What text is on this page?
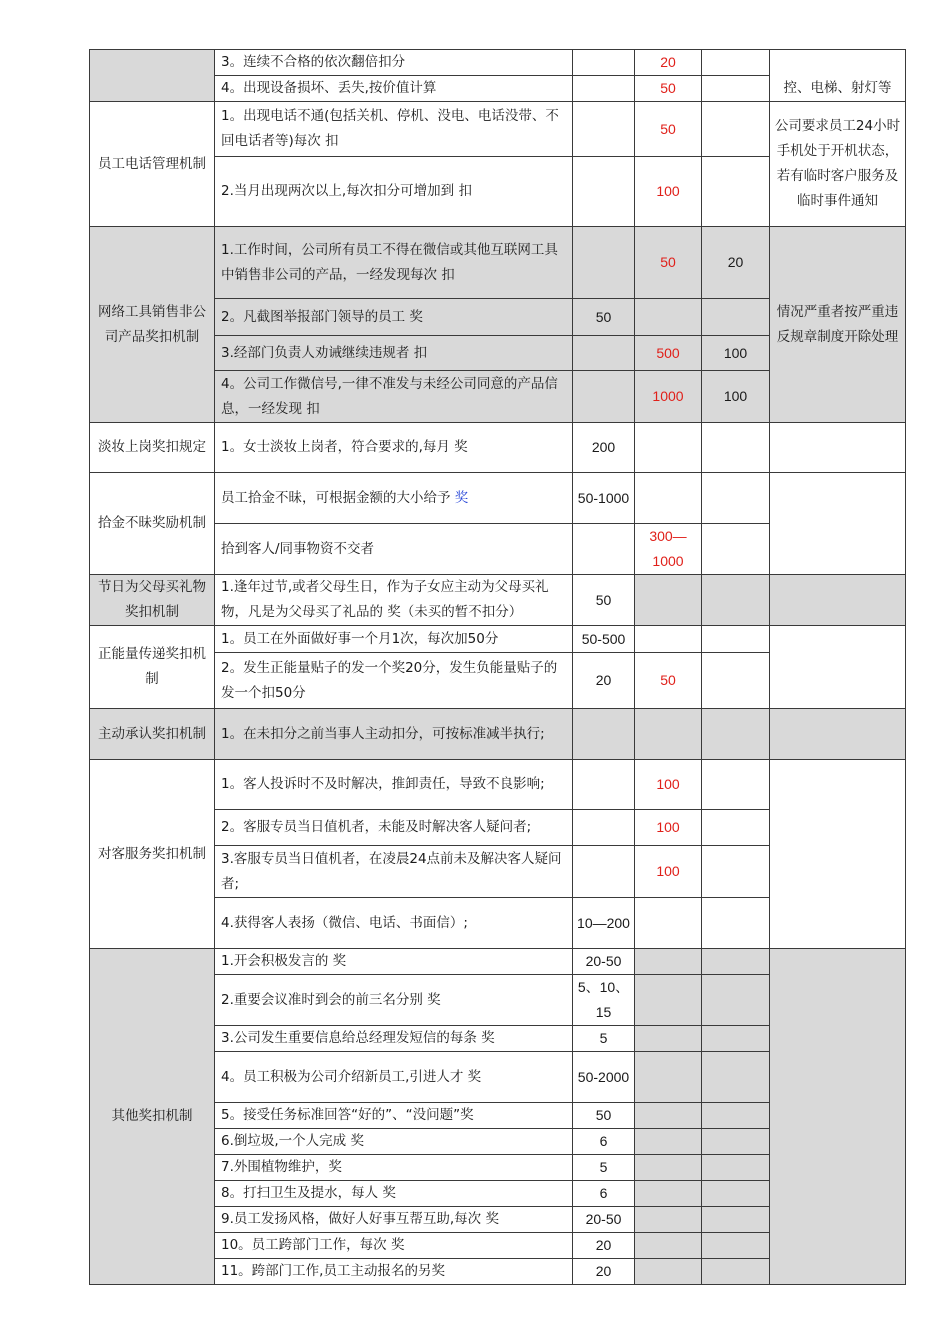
	3。连续不合格的依次翻倍扣分		20		控、电梯、射灯等
	4。出现设备损坏、丢失,按价值计算		50		
员工电话管理机制	1。出现电话不通(包括关机、停机、没电、电话没带、不回电话者等)每次 扣		50		公司要求员工24小时手机处于开机状态，若有临时客户服务及临时事件通知
	2.当月出现两次以上,每次扣分可增加到 扣		100		
网络工具销售非公司产品奖扣机制	1.工作时间，公司所有员工不得在微信或其他互联网工具中销售非公司的产品，一经发现每次 扣		50	20	情况严重者按严重违反规章制度开除处理
	2。凡截图举报部门领导的员工 奖	50			
	3.经部门负责人劝诫继续违规者 扣		500	100	
	4。公司工作微信号,一律不准发与未经公司同意的产品信息，一经发现 扣		1000	100	
淡妆上岗奖扣规定	1。女士淡妆上岗者，符合要求的,每月 奖	200			
拾金不昧奖励机制	员工拾金不昧，可根据金额的大小给予 奖	50-1000			
	拾到客人/同事物资不交者		300—1000		
节日为父母买礼物奖扣机制	1.逢年过节,或者父母生日，作为子女应主动为父母买礼物，凡是为父母买了礼品的 奖（未买的暂不扣分）	50			
正能量传递奖扣机制	1。员工在外面做好事一个月1次，每次加50分	50-500			
	2。发生正能量贴子的发一个奖20分，发生负能量贴子的发一个扣50分	20	50		
主动承认奖扣机制	1。在未扣分之前当事人主动扣分，可按标准减半执行;				
对客服务奖扣机制	1。客人投诉时不及时解决，推卸责任，导致不良影响;		100		
	2。客服专员当日值机者，未能及时解决客人疑问者;		100		
	3.客服专员当日值机者，在凌晨24点前未及解决客人疑问者;		100		
	4.获得客人表扬（微信、电话、书面信）;	10—200			
其他奖扣机制	1.开会积极发言的 奖	20-50			
	2.重要会议准时到会的前三名分别 奖	5、10、15			
	3.公司发生重要信息给总经理发短信的每条 奖	5			
	4。员工积极为公司介绍新员工,引进人才 奖	50-2000			
	5。接受任务标准回答“好的”、“没问题”奖	50			
	6.倒垃圾,一个人完成 奖	6			
	7.外围植物维护，奖	5			
	8。打扫卫生及提水，每人 奖	6			
	9.员工发扬风格，做好人好事互帮互助,每次 奖	20-50			
	10。员工跨部门工作，每次 奖	20			
	11。跨部门工作,员工主动报名的另奖	20			
